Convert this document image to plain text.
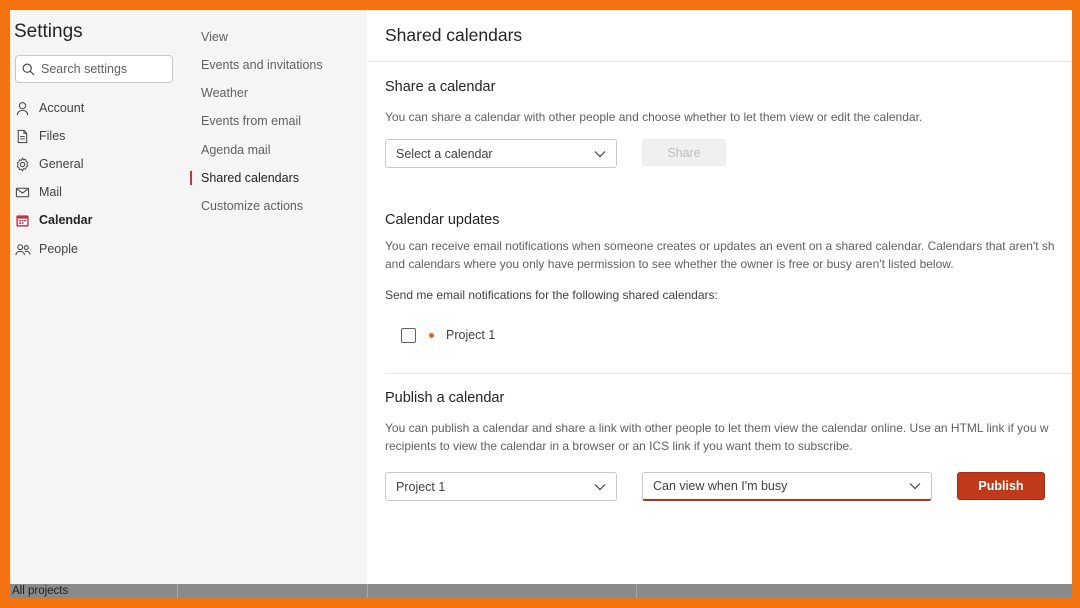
Settings
Search settings
Account
Files
General
Mail
Calendar
People
View
Events and invitations
Weather
Events from email
Agenda mail
Shared calendars
Customize actions
Shared calendars
Share a calendar
You can share a calendar with other people and choose whether to let them view or edit the calendar.
Select a calendar	Share
Calendar updates
You can receive email notifications when someone creates or updates an event on a shared calendar. Calendars that aren't sh
and calendars where you only have permission to see whether the owner is free or busy aren't listed below.
Send me email notifications for the following shared calendars:
Project 1
Publish a calendar
You can publish a calendar and share a link with other people to let them view the calendar online. Use an HTML link if you w
recipients to view the calendar in a browser or an ICS link if you want them to subscribe.
Project 1	Can view when I'm busy	Publish
All projects
